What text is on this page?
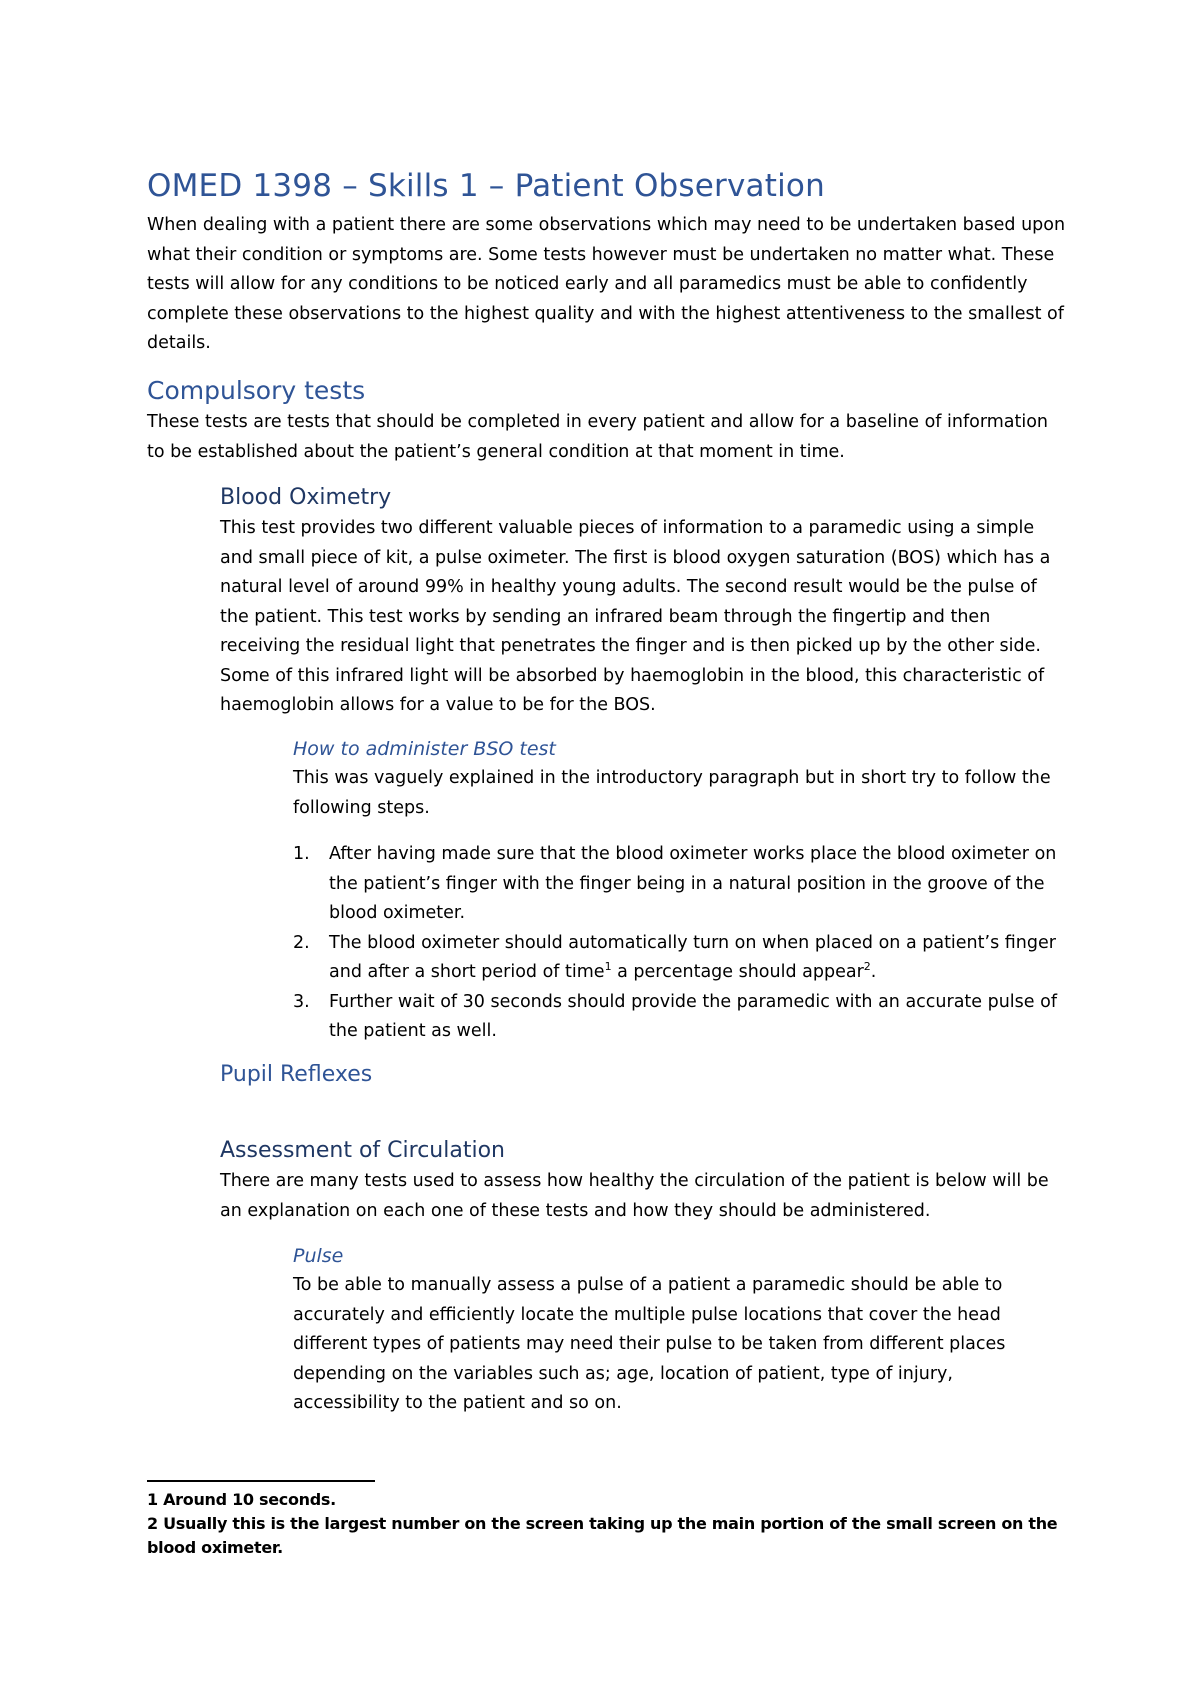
OMED 1398 – Skills 1 – Patient Observation

When dealing with a patient there are some observations which may need to be undertaken based upon what their condition or symptoms are. Some tests however must be undertaken no matter what. These tests will allow for any conditions to be noticed early and all paramedics must be able to confidently complete these observations to the highest quality and with the highest attentiveness to the smallest of details.

Compulsory tests

These tests are tests that should be completed in every patient and allow for a baseline of information to be established about the patient’s general condition at that moment in time.

Blood Oximetry

This test provides two different valuable pieces of information to a paramedic using a simple and small piece of kit, a pulse oximeter. The first is blood oxygen saturation (BOS) which has a natural level of around 99% in healthy young adults. The second result would be the pulse of the patient. This test works by sending an infrared beam through the fingertip and then receiving the residual light that penetrates the finger and is then picked up by the other side. Some of this infrared light will be absorbed by haemoglobin in the blood, this characteristic of haemoglobin allows for a value to be for the BOS.

How to administer BSO test

This was vaguely explained in the introductory paragraph but in short try to follow the following steps.

1. After having made sure that the blood oximeter works place the blood oximeter on the patient’s finger with the finger being in a natural position in the groove of the blood oximeter.
2. The blood oximeter should automatically turn on when placed on a patient’s finger and after a short period of time$^1$ a percentage should appear$^2$.
3. Further wait of 30 seconds should provide the paramedic with an accurate pulse of the patient as well.
Pupil Reflexes
Assessment of Circulation

There are many tests used to assess how healthy the circulation of the patient is below will be an explanation on each one of these tests and how they should be administered.

Pulse

To be able to manually assess a pulse of a patient a paramedic should be able to accurately and efficiently locate the multiple pulse locations that cover the head different types of patients may need their pulse to be taken from different places depending on the variables such as; age, location of patient, type of injury, accessibility to the patient and so on.

1 Around 10 seconds.
2 Usually this is the largest number on the screen taking up the main portion of the small screen on the blood oximeter.
